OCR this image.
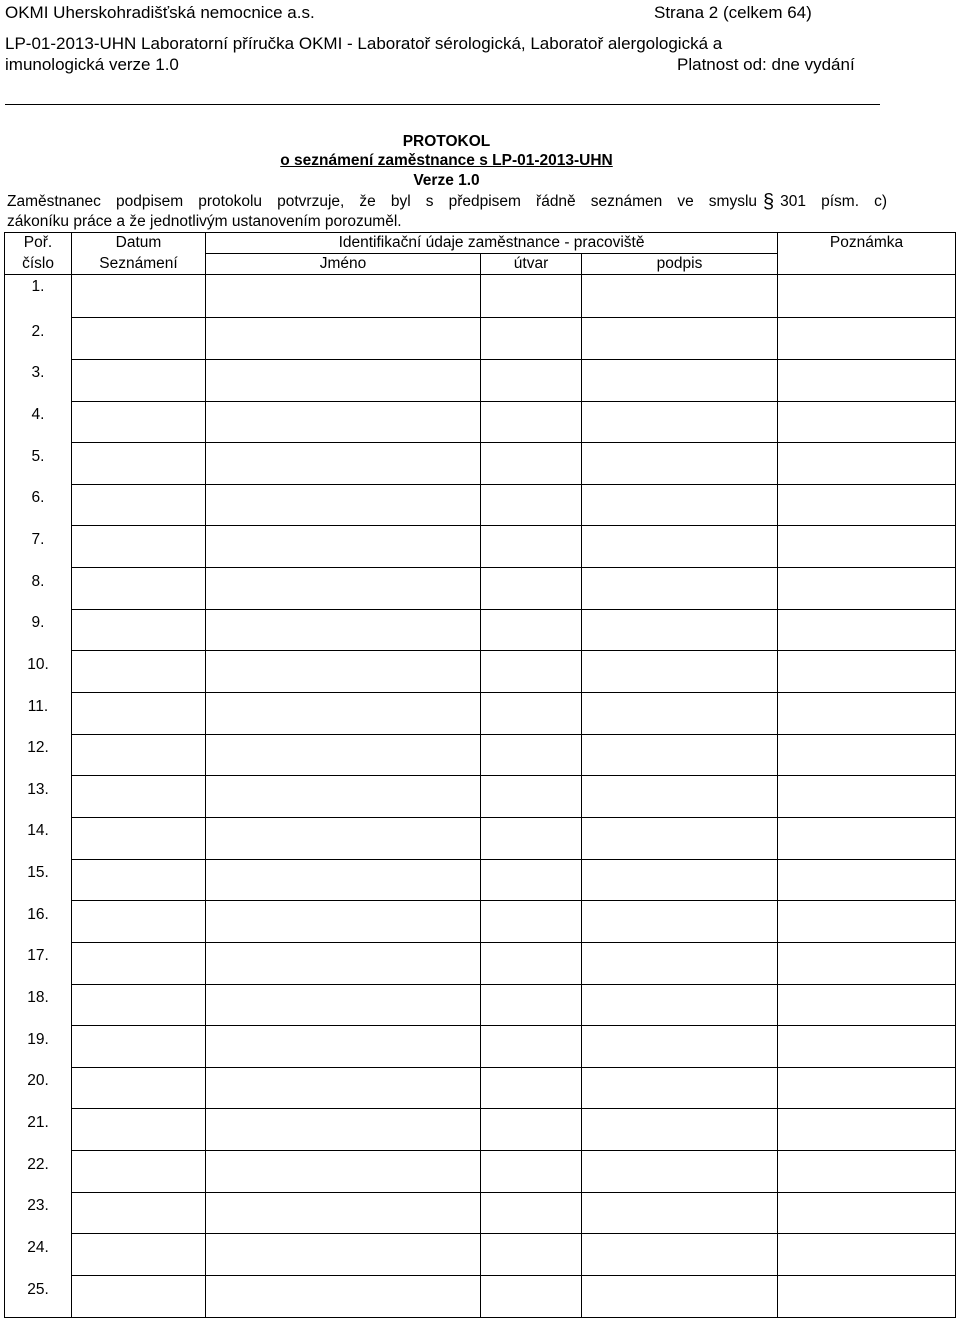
OKMI Uherskohradišťská nemocnice a.s.	Strana 2 (celkem 64)
LP-01-2013-UHN Laboratorní příručka OKMI - Laboratoř sérologická, Laboratoř alergologická a
imunologická verze 1.0	Platnost od: dne vydání
PROTOKOL
o seznámení zaměstnance s LP-01-2013-UHN
Verze 1.0
Zaměstnanec podpisem protokolu potvrzuje, že byl s předpisem řádně seznámen ve smyslu § 301 písm. c)
zákoníku práce a že jednotlivým ustanovením porozuměl.
Poř.	Datum	Identifikační údaje zaměstnance - pracoviště			Poznámka
číslo	Seznámení	Jméno	útvar	podpis	
1.					
2.					
3.					
4.					
5.					
6.					
7.					
8.					
9.					
10.					
11.					
12.					
13.					
14.					
15.					
16.					
17.					
18.					
19.					
20.					
21.					
22.					
23.					
24.					
25.					
